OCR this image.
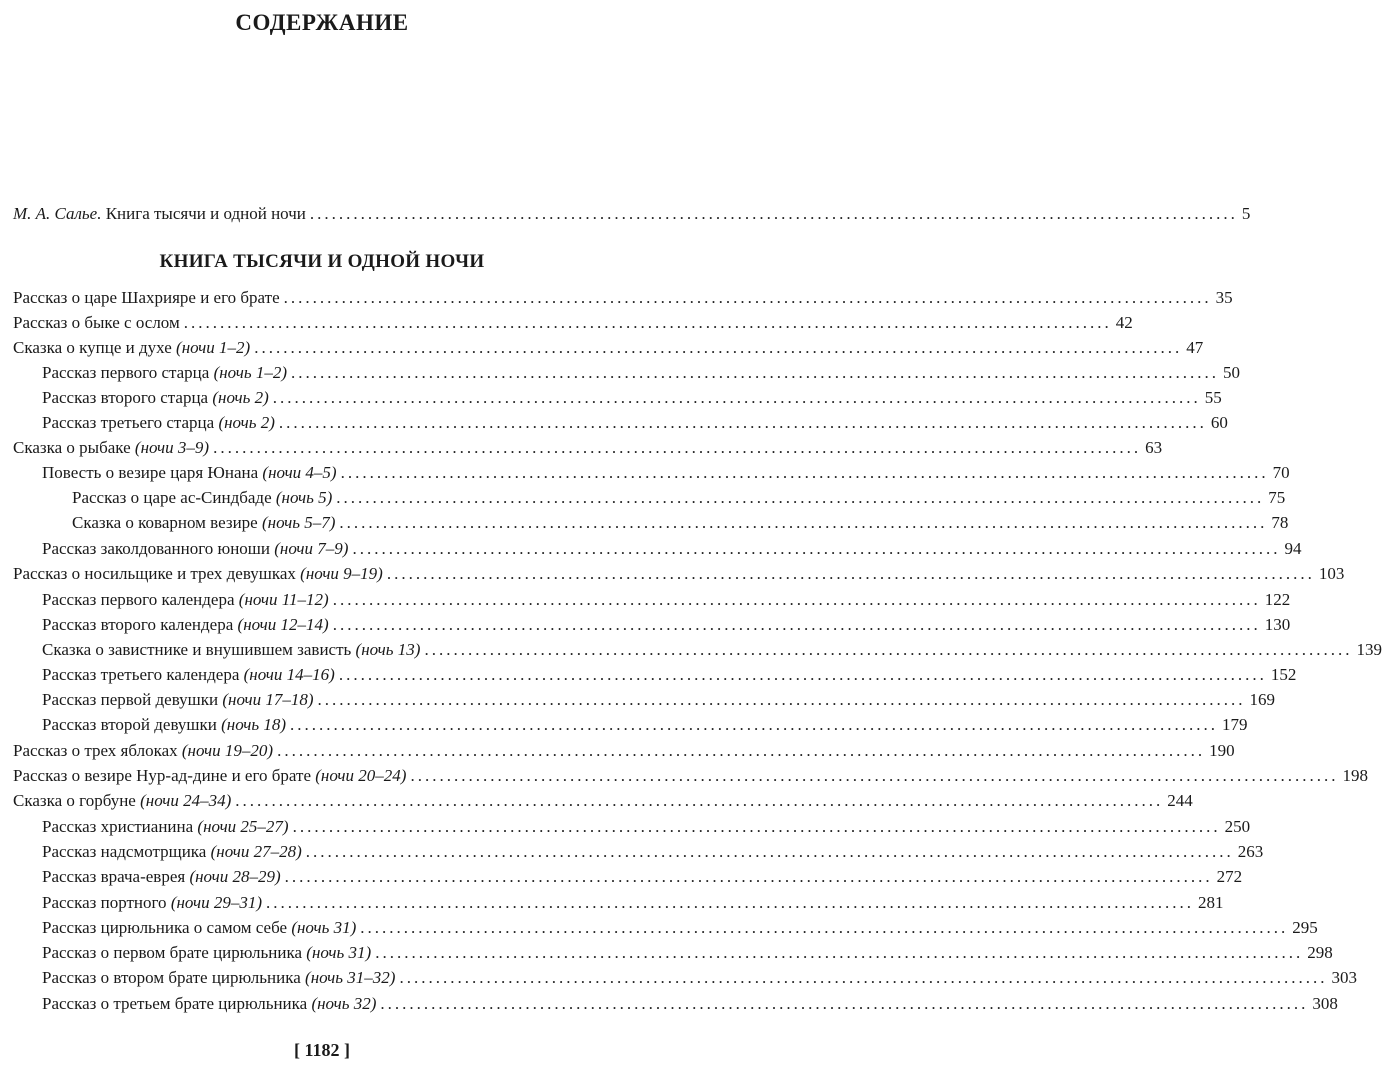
СОДЕРЖАНИЕ
М. А. Салье. Книга тысячи и одной ночи ................................................................................................................................ 5
КНИГА ТЫСЯЧИ И ОДНОЙ НОЧИ
Рассказ о царе Шахрияре и его брате ................................................................................................................................ 35
Рассказ о быке с ослом ................................................................................................................................ 42
Сказка о купце и духе (ночи 1–2) ................................................................................................................................ 47
Рассказ первого старца (ночь 1–2) ................................................................................................................................ 50
Рассказ второго старца (ночь 2) ................................................................................................................................ 55
Рассказ третьего старца (ночь 2) ................................................................................................................................ 60
Сказка о рыбаке (ночи 3–9) ................................................................................................................................ 63
Повесть о везире царя Юнана (ночи 4–5) ................................................................................................................................ 70
Рассказ о царе ас-Синдбаде (ночь 5) ................................................................................................................................ 75
Сказка о коварном везире (ночь 5–7) ................................................................................................................................ 78
Рассказ заколдованного юноши (ночи 7–9) ................................................................................................................................ 94
Рассказ о носильщике и трех девушках (ночи 9–19) ................................................................................................................................ 103
Рассказ первого календера (ночи 11–12) ................................................................................................................................ 122
Рассказ второго календера (ночи 12–14) ................................................................................................................................ 130
Сказка о завистнике и внушившем зависть (ночь 13) ................................................................................................................................ 139
Рассказ третьего календера (ночи 14–16) ................................................................................................................................ 152
Рассказ первой девушки (ночи 17–18) ................................................................................................................................ 169
Рассказ второй девушки (ночь 18) ................................................................................................................................ 179
Рассказ о трех яблоках (ночи 19–20) ................................................................................................................................ 190
Рассказ о везире Нур-ад-дине и его брате (ночи 20–24) ................................................................................................................................ 198
Сказка о горбуне (ночи 24–34) ................................................................................................................................ 244
Рассказ христианина (ночи 25–27) ................................................................................................................................ 250
Рассказ надсмотрщика (ночи 27–28) ................................................................................................................................ 263
Рассказ врача-еврея (ночи 28–29) ................................................................................................................................ 272
Рассказ портного (ночи 29–31) ................................................................................................................................ 281
Рассказ цирюльника о самом себе (ночь 31) ................................................................................................................................ 295
Рассказ о первом брате цирюльника (ночь 31) ................................................................................................................................ 298
Рассказ о втором брате цирюльника (ночь 31–32) ................................................................................................................................ 303
Рассказ о третьем брате цирюльника (ночь 32) ................................................................................................................................ 308
[ 1182 ]
